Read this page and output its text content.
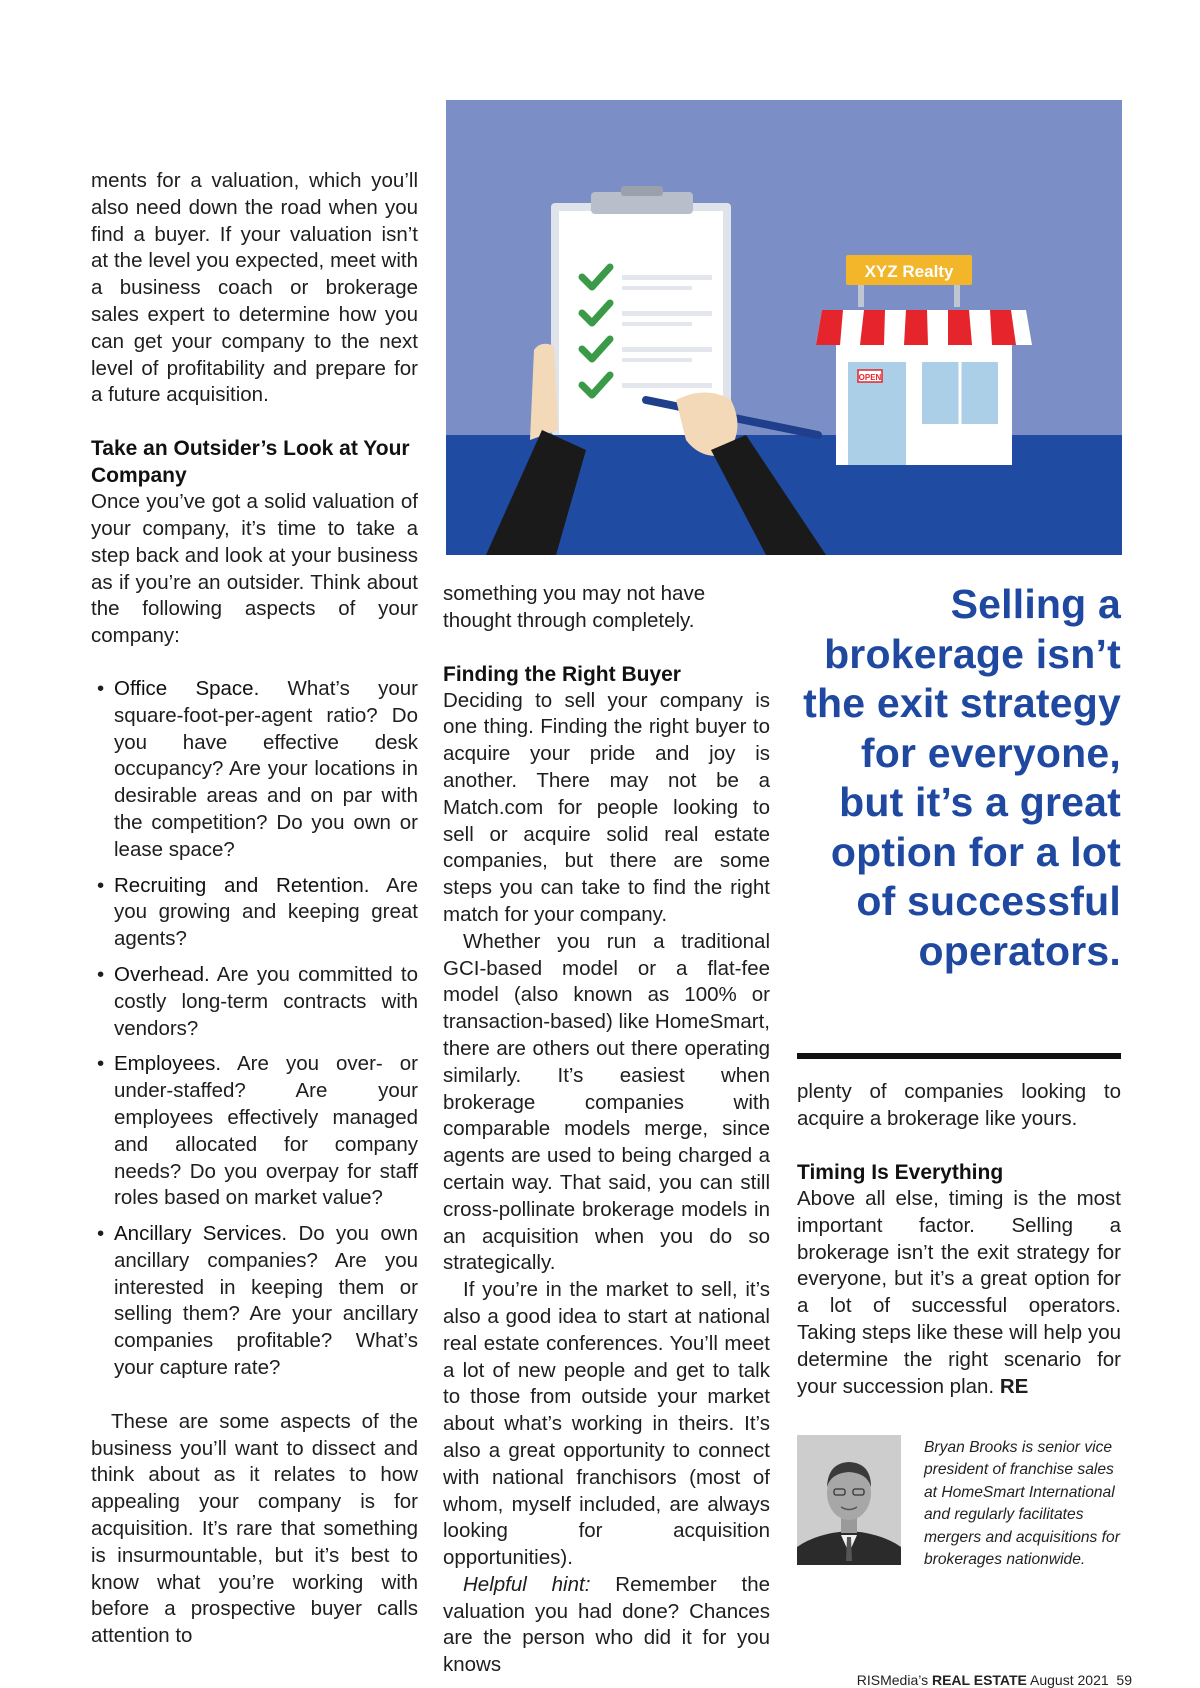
ments for a valuation, which you’ll also need down the road when you find a buyer. If your valuation isn’t at the level you expected, meet with a business coach or brokerage sales expert to determine how you can get your company to the next level of profitability and prepare for a future acquisition.

Take an Outsider’s Look at Your Company

Once you’ve got a solid valuation of your company, it’s time to take a step back and look at your business as if you’re an outsider. Think about the following aspects of your company:

• Office Space. What’s your square-foot-per-agent ratio? Do you have effective desk occupancy? Are your locations in desirable areas and on par with the competition? Do you own or lease space?
• Recruiting and Retention. Are you growing and keeping great agents?
• Overhead. Are you committed to costly long-term contracts with vendors?
• Employees. Are you over- or under-staffed? Are your employees effectively managed and allocated for company needs? Do you overpay for staff roles based on market value?
• Ancillary Services. Do you own ancillary companies? Are you interested in keeping them or selling them? Are your ancillary companies profitable? What’s your capture rate?

These are some aspects of the business you’ll want to dissect and think about as it relates to how appealing your company is for acquisition. It’s rare that something is insurmountable, but it’s best to know what you’re working with before a prospective buyer calls attention to

XYZ Realty
OPEN

something you may not have thought through completely.

Finding the Right Buyer

Deciding to sell your company is one thing. Finding the right buyer to acquire your pride and joy is another. There may not be a Match.com for people looking to sell or acquire solid real estate companies, but there are some steps you can take to find the right match for your company.

Whether you run a traditional GCI-based model or a flat-fee model (also known as 100% or transaction-based) like HomeSmart, there are others out there operating similarly. It’s easiest when brokerage companies with comparable models merge, since agents are used to being charged a certain way. That said, you can still cross-pollinate brokerage models in an acquisition when you do so strategically.

If you’re in the market to sell, it’s also a good idea to start at national real estate conferences. You’ll meet a lot of new people and get to talk to those from outside your market about what’s working in theirs. It’s also a great opportunity to connect with national franchisors (most of whom, myself included, are always looking for acquisition opportunities).

Helpful hint: Remember the valuation you had done? Chances are the person who did it for you knows

Selling a brokerage isn’t the exit strategy for everyone, but it’s a great option for a lot of successful operators.
plenty of companies looking to acquire a brokerage like yours.
Timing Is Everything

Above all else, timing is the most important factor. Selling a brokerage isn’t the exit strategy for everyone, but it’s a great option for a lot of successful operators. Taking steps like these will help you determine the right scenario for your succession plan. RE

Bryan Brooks is senior vice president of franchise sales at HomeSmart International and regularly facilitates mergers and acquisitions for brokerages nationwide.
RISMedia’s REAL ESTATE August 2021 59
